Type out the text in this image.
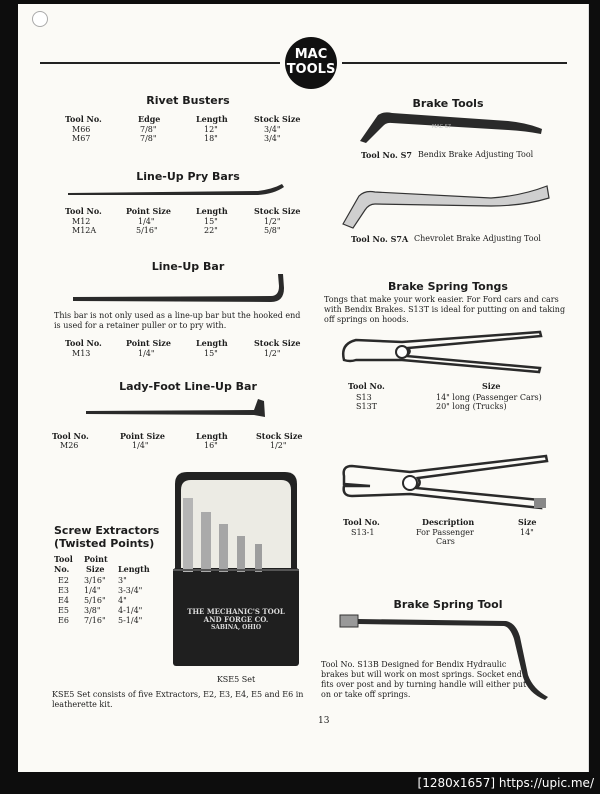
MAC
TOOLS
Rivet Busters
Tool No.	Edge	Length	Stock Size
M66	7/8"	12"	3/4"
M67	7/8"	18"	3/4"
Line-Up Pry Bars
Tool No.	Point Size	Length	Stock Size
M12	1/4"	15"	1/2"
M12A	5/16"	22"	5/8"
Line-Up Bar
This bar is not only used as a line-up bar but the hooked end is used for a retainer puller or to pry with.
Tool No.	Point Size	Length	Stock Size
M13	1/4"	15"	1/2"
Lady-Foot Line-Up Bar
Tool No.	Point Size	Length	Stock Size
M26	1/4"	16"	1/2"
Screw Extractors
(Twisted Points)
Tool Point
No. Size Length
E2 3/16" 3"
E3 1/4" 3-3/4"
E4 5/16" 4"
E5 3/8" 4-1/4"
E6 7/16" 5-1/4"
THE MECHANIC'S TOOL
AND FORGE CO.
SABINA, OHIO
KSE5 Set
KSE5 Set consists of five Extractors, E2, E3, E4, E5 and E6 in leatherette kit.
Brake Tools
MAC S7
Tool No. S7 Bendix Brake Adjusting Tool
Tool No. S7A Chevrolet Brake Adjusting Tool
Brake Spring Tongs
Tongs that make your work easier. For Ford cars and cars with Bendix Brakes. S13T is ideal for putting on and taking off springs on hoods.
Tool No.	Size
S13	14" long (Passenger Cars)
S13T	20" long (Trucks)
Tool No.	Description	Size
S13-1	For Passenger	14"
Cars
Brake Spring Tool
Tool No. S13B Designed for Bendix Hydraulic brakes but will work on most springs. Socket end fits over post and by turning handle will either put on or take off springs.
13
[1280x1657] https://upic.me/
